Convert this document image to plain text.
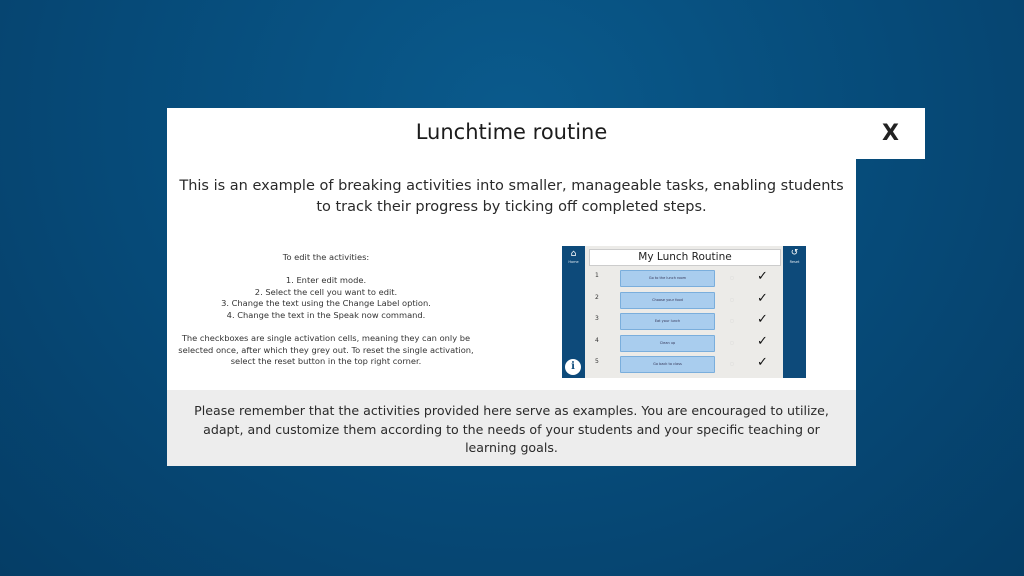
Lunchtime routine
This is an example of breaking activities into smaller, manageable tasks, enabling students to track their progress by ticking off completed steps.

To edit the activities:

1. Enter edit mode.

2. Select the cell you want to edit.

3. Change the text using the Change Label option.

4. Change the text in the Speak now command.

The checkboxes are single activation cells, meaning they can only be

selected once, after which they grey out. To reset the single activation,

select the reset button in the top right corner.

⌂
Home
i
My Lunch Routine	↺
Reset
1	Go to the lunch room	▢	✓
2	Choose your food	▢	✓
3	Eat your lunch	▢	✓
4	Clean up	▢	✓
5	Go back to class	▢	✓
Please remember that the activities provided here serve as examples. You are encouraged to utilize, adapt, and customize them according to the needs of your students and your specific teaching or learning goals.
X
